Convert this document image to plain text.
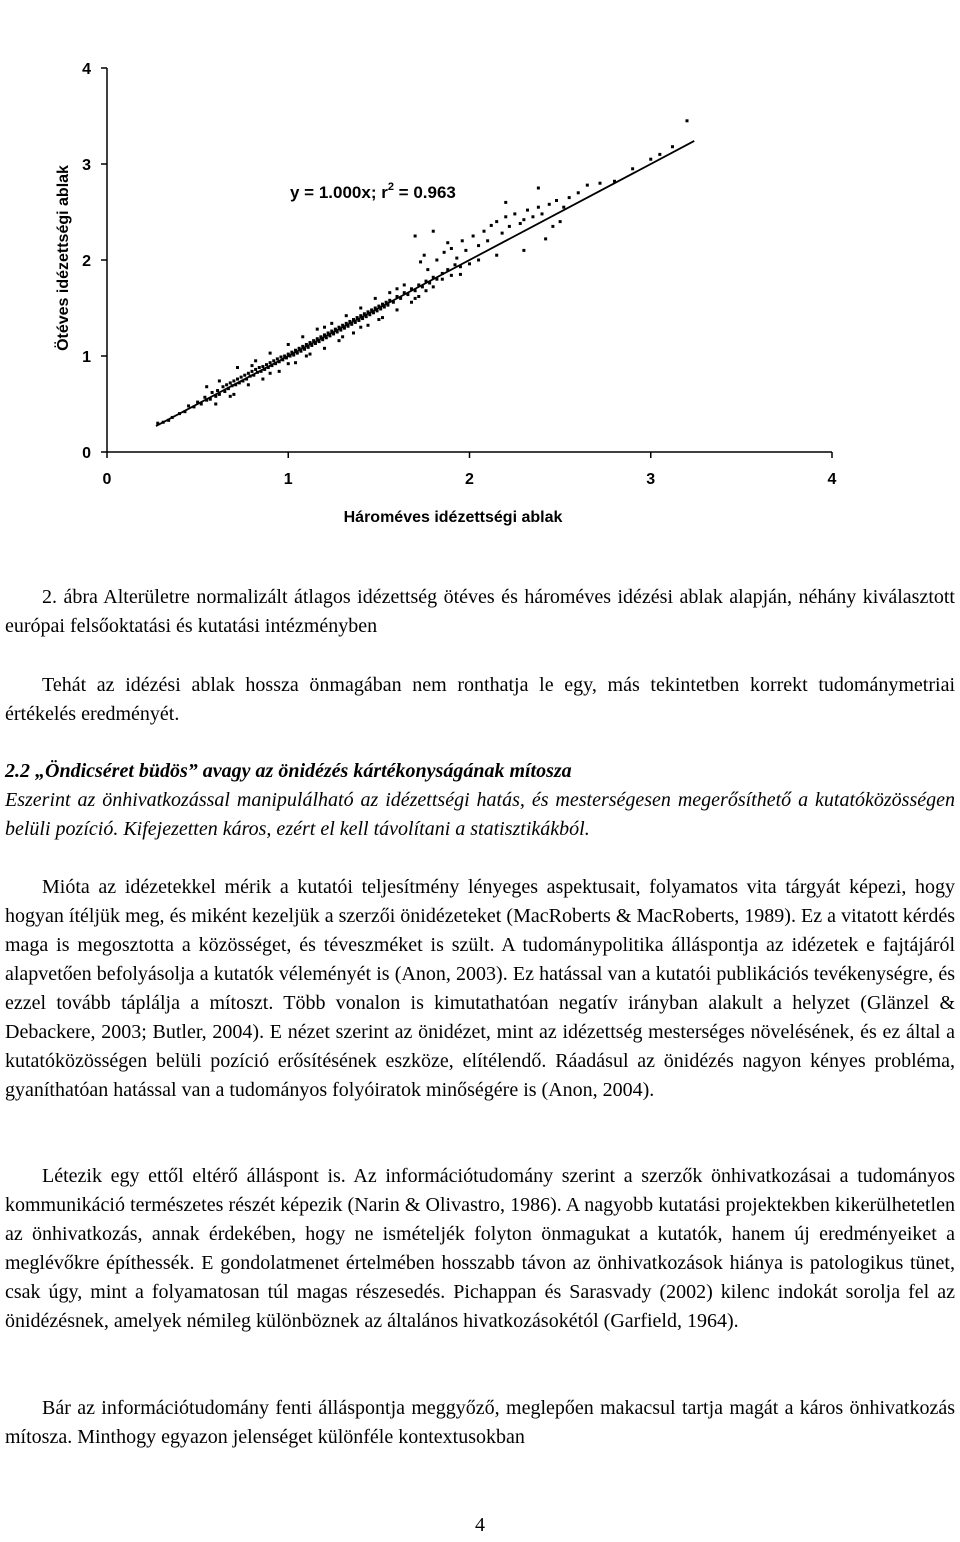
0	1	2	3	4
0
1
2
3
4
y = 1.000x; $r^2 = 0.963$
Hároméves idézettségi ablak
Ötéves idézettségi ablak
2. ábra Alterületre normalizált átlagos idézettség ötéves és hároméves idézési ablak alapján, néhány kiválasztott európai felsőoktatási és kutatási intézményben
Tehát az idézési ablak hossza önmagában nem ronthatja le egy, más tekintetben korrekt tudománymetriai értékelés eredményét.
2.2 „Öndicséret büdös” avagy az önidézés kártékonyságának mítosza
Eszerint az önhivatkozással manipulálható az idézettségi hatás, és mesterségesen megerősíthető a kutatóközösségen belüli pozíció. Kifejezetten káros, ezért el kell távolítani a statisztikákból.
Mióta az idézetekkel mérik a kutatói teljesítmény lényeges aspektusait, folyamatos vita tárgyát képezi, hogy hogyan ítéljük meg, és miként kezeljük a szerzői önidézeteket (MacRoberts & MacRoberts, 1989). Ez a vitatott kérdés maga is megosztotta a közösséget, és téveszméket is szült. A tudománypolitika álláspontja az idézetek e fajtájáról alapvetően befolyásolja a kutatók véleményét is (Anon, 2003). Ez hatással van a kutatói publikációs tevékenységre, és ezzel tovább táplálja a mítoszt. Több vonalon is kimutathatóan negatív irányban alakult a helyzet (Glänzel & Debackere, 2003; Butler, 2004). E nézet szerint az önidézet, mint az idézettség mesterséges növelésének, és ez által a kutatóközösségen belüli pozíció erősítésének eszköze, elítélendő. Ráadásul az önidézés nagyon kényes probléma, gyaníthatóan hatással van a tudományos folyóiratok minőségére is (Anon, 2004).
Létezik egy ettől eltérő álláspont is. Az információtudomány szerint a szerzők önhivatkozásai a tudományos kommunikáció természetes részét képezik (Narin & Olivastro, 1986). A nagyobb kutatási projektekben kikerülhetetlen az önhivatkozás, annak érdekében, hogy ne ismételjék folyton önmagukat a kutatók, hanem új eredményeiket a meglévőkre építhessék. E gondolatmenet értelmében hosszabb távon az önhivatkozások hiánya is patologikus tünet, csak úgy, mint a folyamatosan túl magas részesedés. Pichappan és Sarasvady (2002) kilenc indokát sorolja fel az önidézésnek, amelyek némileg különböznek az általános hivatkozásokétól (Garfield, 1964).
Bár az információtudomány fenti álláspontja meggyőző, meglepően makacsul tartja magát a káros önhivatkozás mítosza. Minthogy egyazon jelenséget különféle kontextusokban
4
